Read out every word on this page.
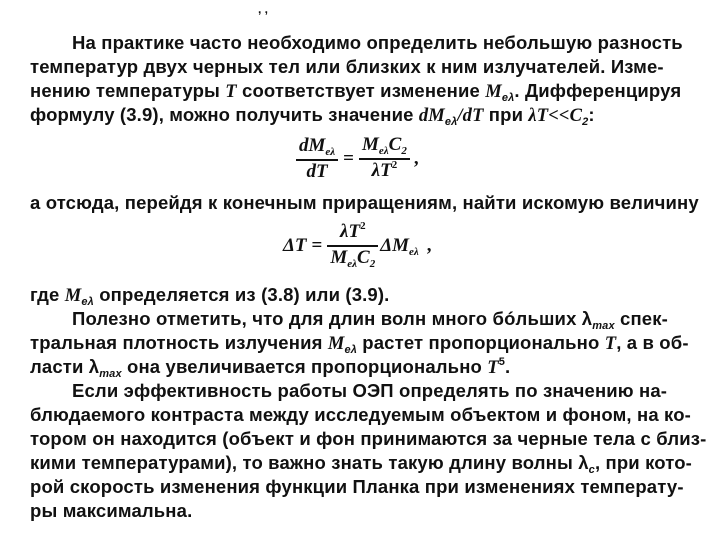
, ,
На практике часто необходимо определить небольшую разность
температур двух черных тел или близких к ним излучателей. Изме-
нению температуры T соответствует изменение $M_{e\lambda}$. Дифференцируя
формулу (3.9), можно получить значение $dM_{e\lambda}/dT$ при $\lambda T<<C_2$:
$\frac{dM_{e\lambda}}{dT} = \frac{M_{e\lambda}C_2}{\lambda T^2}$ ,
а отсюда, перейдя к конечным приращениям, найти искомую величину
$\Delta T = \frac{\lambda T^2}{M_{e\lambda}C_2} \Delta M_{e\lambda}$ ,
где $M_{e\lambda}$ определяется из (3.8) или (3.9).
Полезно отметить, что для длин волн много бóльших $\lambda_{max}$ спек-
тральная плотность излучения $M_{e\lambda}$ растет пропорционально T, а в об-
ласти $\lambda_{max}$ она увеличивается пропорционально $T^5$.
Если эффективность работы ОЭП определять по значению на-
блюдаемого контраста между исследуемым объектом и фоном, на ко-
тором он находится (объект и фон принимаются за черные тела с близ-
кими температурами), то важно знать такую длину волны $\lambda_c$, при кото-
рой скорость изменения функции Планка при изменениях температу-
ры максимальна.
